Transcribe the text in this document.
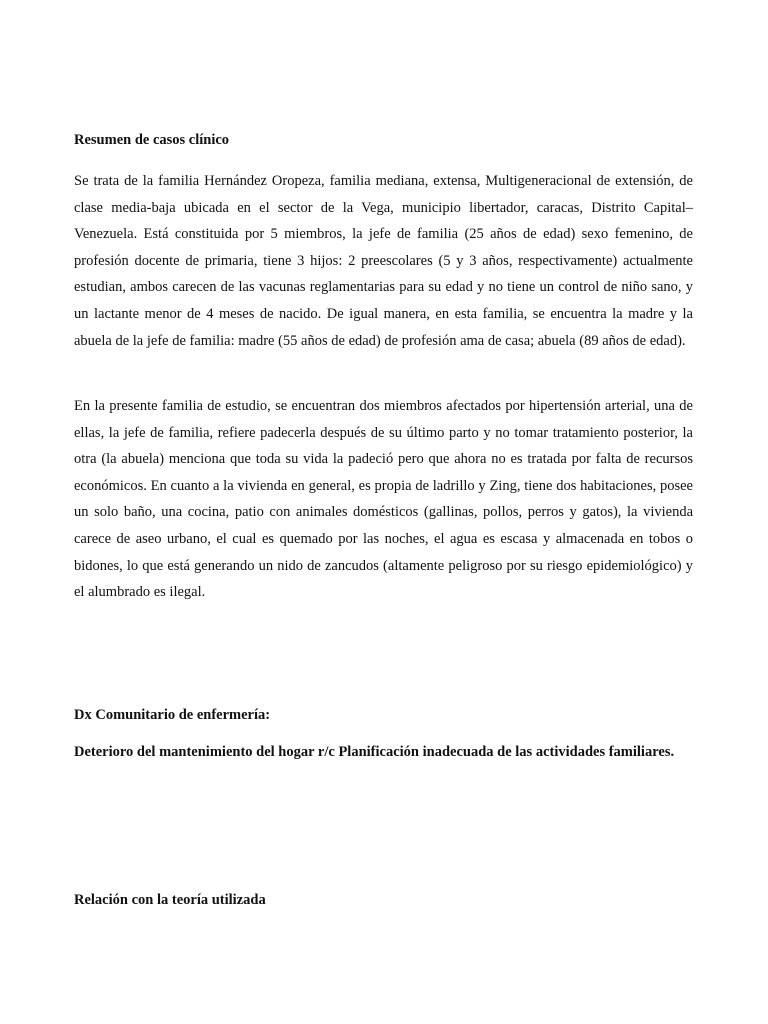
Resumen de casos clínico

Se trata de la familia Hernández Oropeza, familia mediana, extensa, Multigeneracional de extensión, de clase media-baja ubicada en el sector de la Vega, municipio libertador, caracas, Distrito Capital–Venezuela. Está constituida por 5 miembros, la jefe de familia (25 años de edad) sexo femenino, de profesión docente de primaria, tiene 3 hijos: 2 preescolares (5 y 3 años, respectivamente) actualmente estudian, ambos carecen de las vacunas reglamentarias para su edad y no tiene un control de niño sano, y un lactante menor de 4 meses de nacido. De igual manera, en esta familia, se encuentra la madre y la abuela de la jefe de familia: madre (55 años de edad) de profesión ama de casa; abuela (89 años de edad).

En la presente familia de estudio, se encuentran dos miembros afectados por hipertensión arterial, una de ellas, la jefe de familia, refiere padecerla después de su último parto y no tomar tratamiento posterior, la otra (la abuela) menciona que toda su vida la padeció pero que ahora no es tratada por falta de recursos económicos. En cuanto a la vivienda en general, es propia de ladrillo y Zing, tiene dos habitaciones, posee un solo baño, una cocina, patio con animales domésticos (gallinas, pollos, perros y gatos), la vivienda carece de aseo urbano, el cual es quemado por las noches, el agua es escasa y almacenada en tobos o bidones, lo que está generando un nido de zancudos (altamente peligroso por su riesgo epidemiológico) y el alumbrado es ilegal.

Dx Comunitario de enfermería:

Deterioro del mantenimiento del hogar r/c Planificación inadecuada de las actividades familiares.

Relación con la teoría utilizada
